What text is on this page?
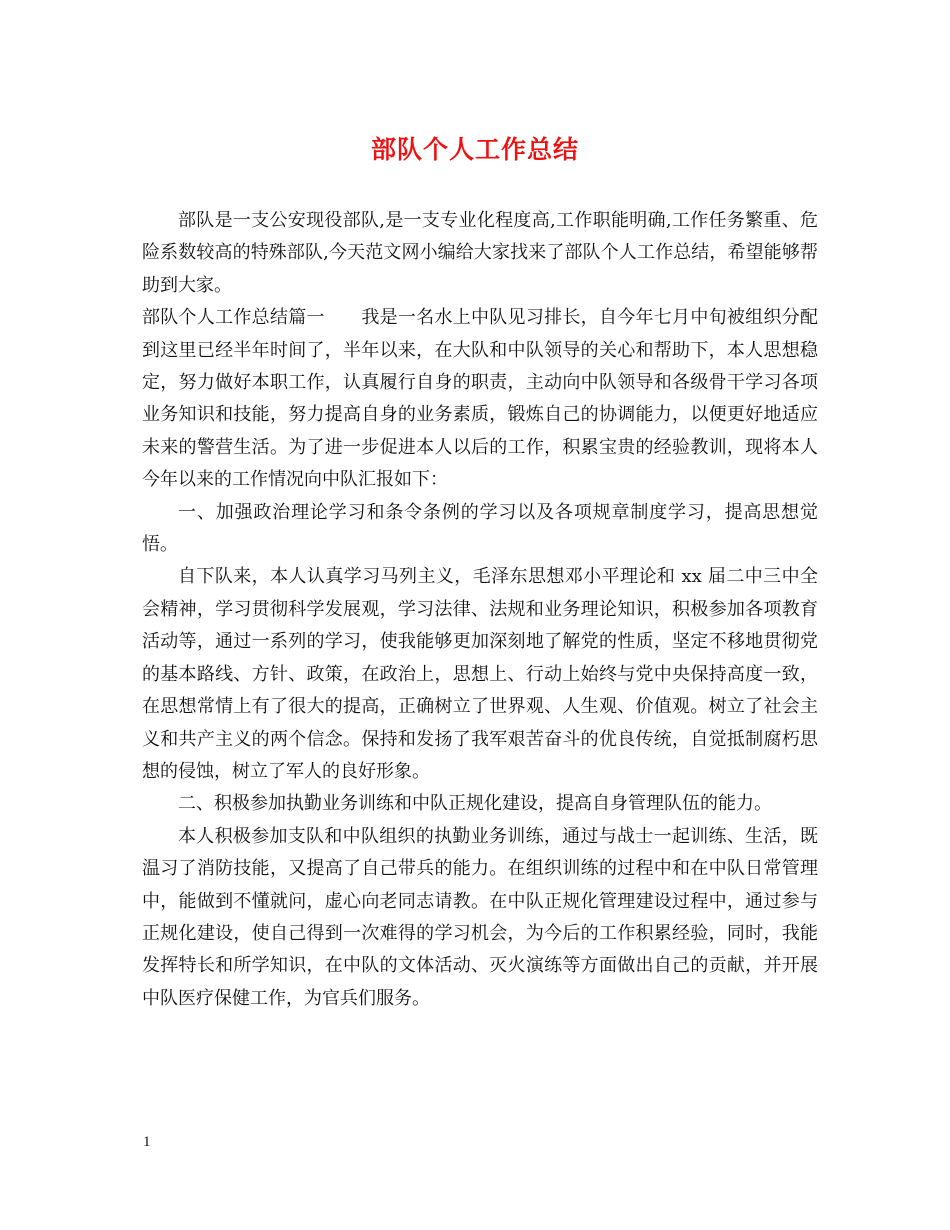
部队个人工作总结

部队是一支公安现役部队,是一支专业化程度高,工作职能明确,工作任务繁重、危险系数较高的特殊部队,今天范文网小编给大家找来了部队个人工作总结，希望能够帮助到大家。

部队个人工作总结篇一　　我是一名水上中队见习排长，自今年七月中旬被组织分配到这里已经半年时间了，半年以来，在大队和中队领导的关心和帮助下，本人思想稳定，努力做好本职工作，认真履行自身的职责，主动向中队领导和各级骨干学习各项业务知识和技能，努力提高自身的业务素质，锻炼自己的协调能力，以便更好地适应未来的警营生活。为了进一步促进本人以后的工作，积累宝贵的经验教训，现将本人今年以来的工作情况向中队汇报如下：

一、加强政治理论学习和条令条例的学习以及各项规章制度学习，提高思想觉悟。

自下队来，本人认真学习马列主义，毛泽东思想邓小平理论和 xx 届二中三中全会精神，学习贯彻科学发展观，学习法律、法规和业务理论知识，积极参加各项教育活动等，通过一系列的学习，使我能够更加深刻地了解党的性质，坚定不移地贯彻党的基本路线、方针、政策，在政治上，思想上、行动上始终与党中央保持高度一致，在思想常情上有了很大的提高，正确树立了世界观、人生观、价值观。树立了社会主义和共产主义的两个信念。保持和发扬了我军艰苦奋斗的优良传统，自觉抵制腐朽思想的侵蚀，树立了军人的良好形象。

二、积极参加执勤业务训练和中队正规化建设，提高自身管理队伍的能力。

本人积极参加支队和中队组织的执勤业务训练，通过与战士一起训练、生活，既温习了消防技能，又提高了自己带兵的能力。在组织训练的过程中和在中队日常管理中，能做到不懂就问，虚心向老同志请教。在中队正规化管理建设过程中，通过参与正规化建设，使自己得到一次难得的学习机会，为今后的工作积累经验，同时，我能发挥特长和所学知识，在中队的文体活动、灭火演练等方面做出自己的贡献，并开展中队医疗保健工作，为官兵们服务。

1
